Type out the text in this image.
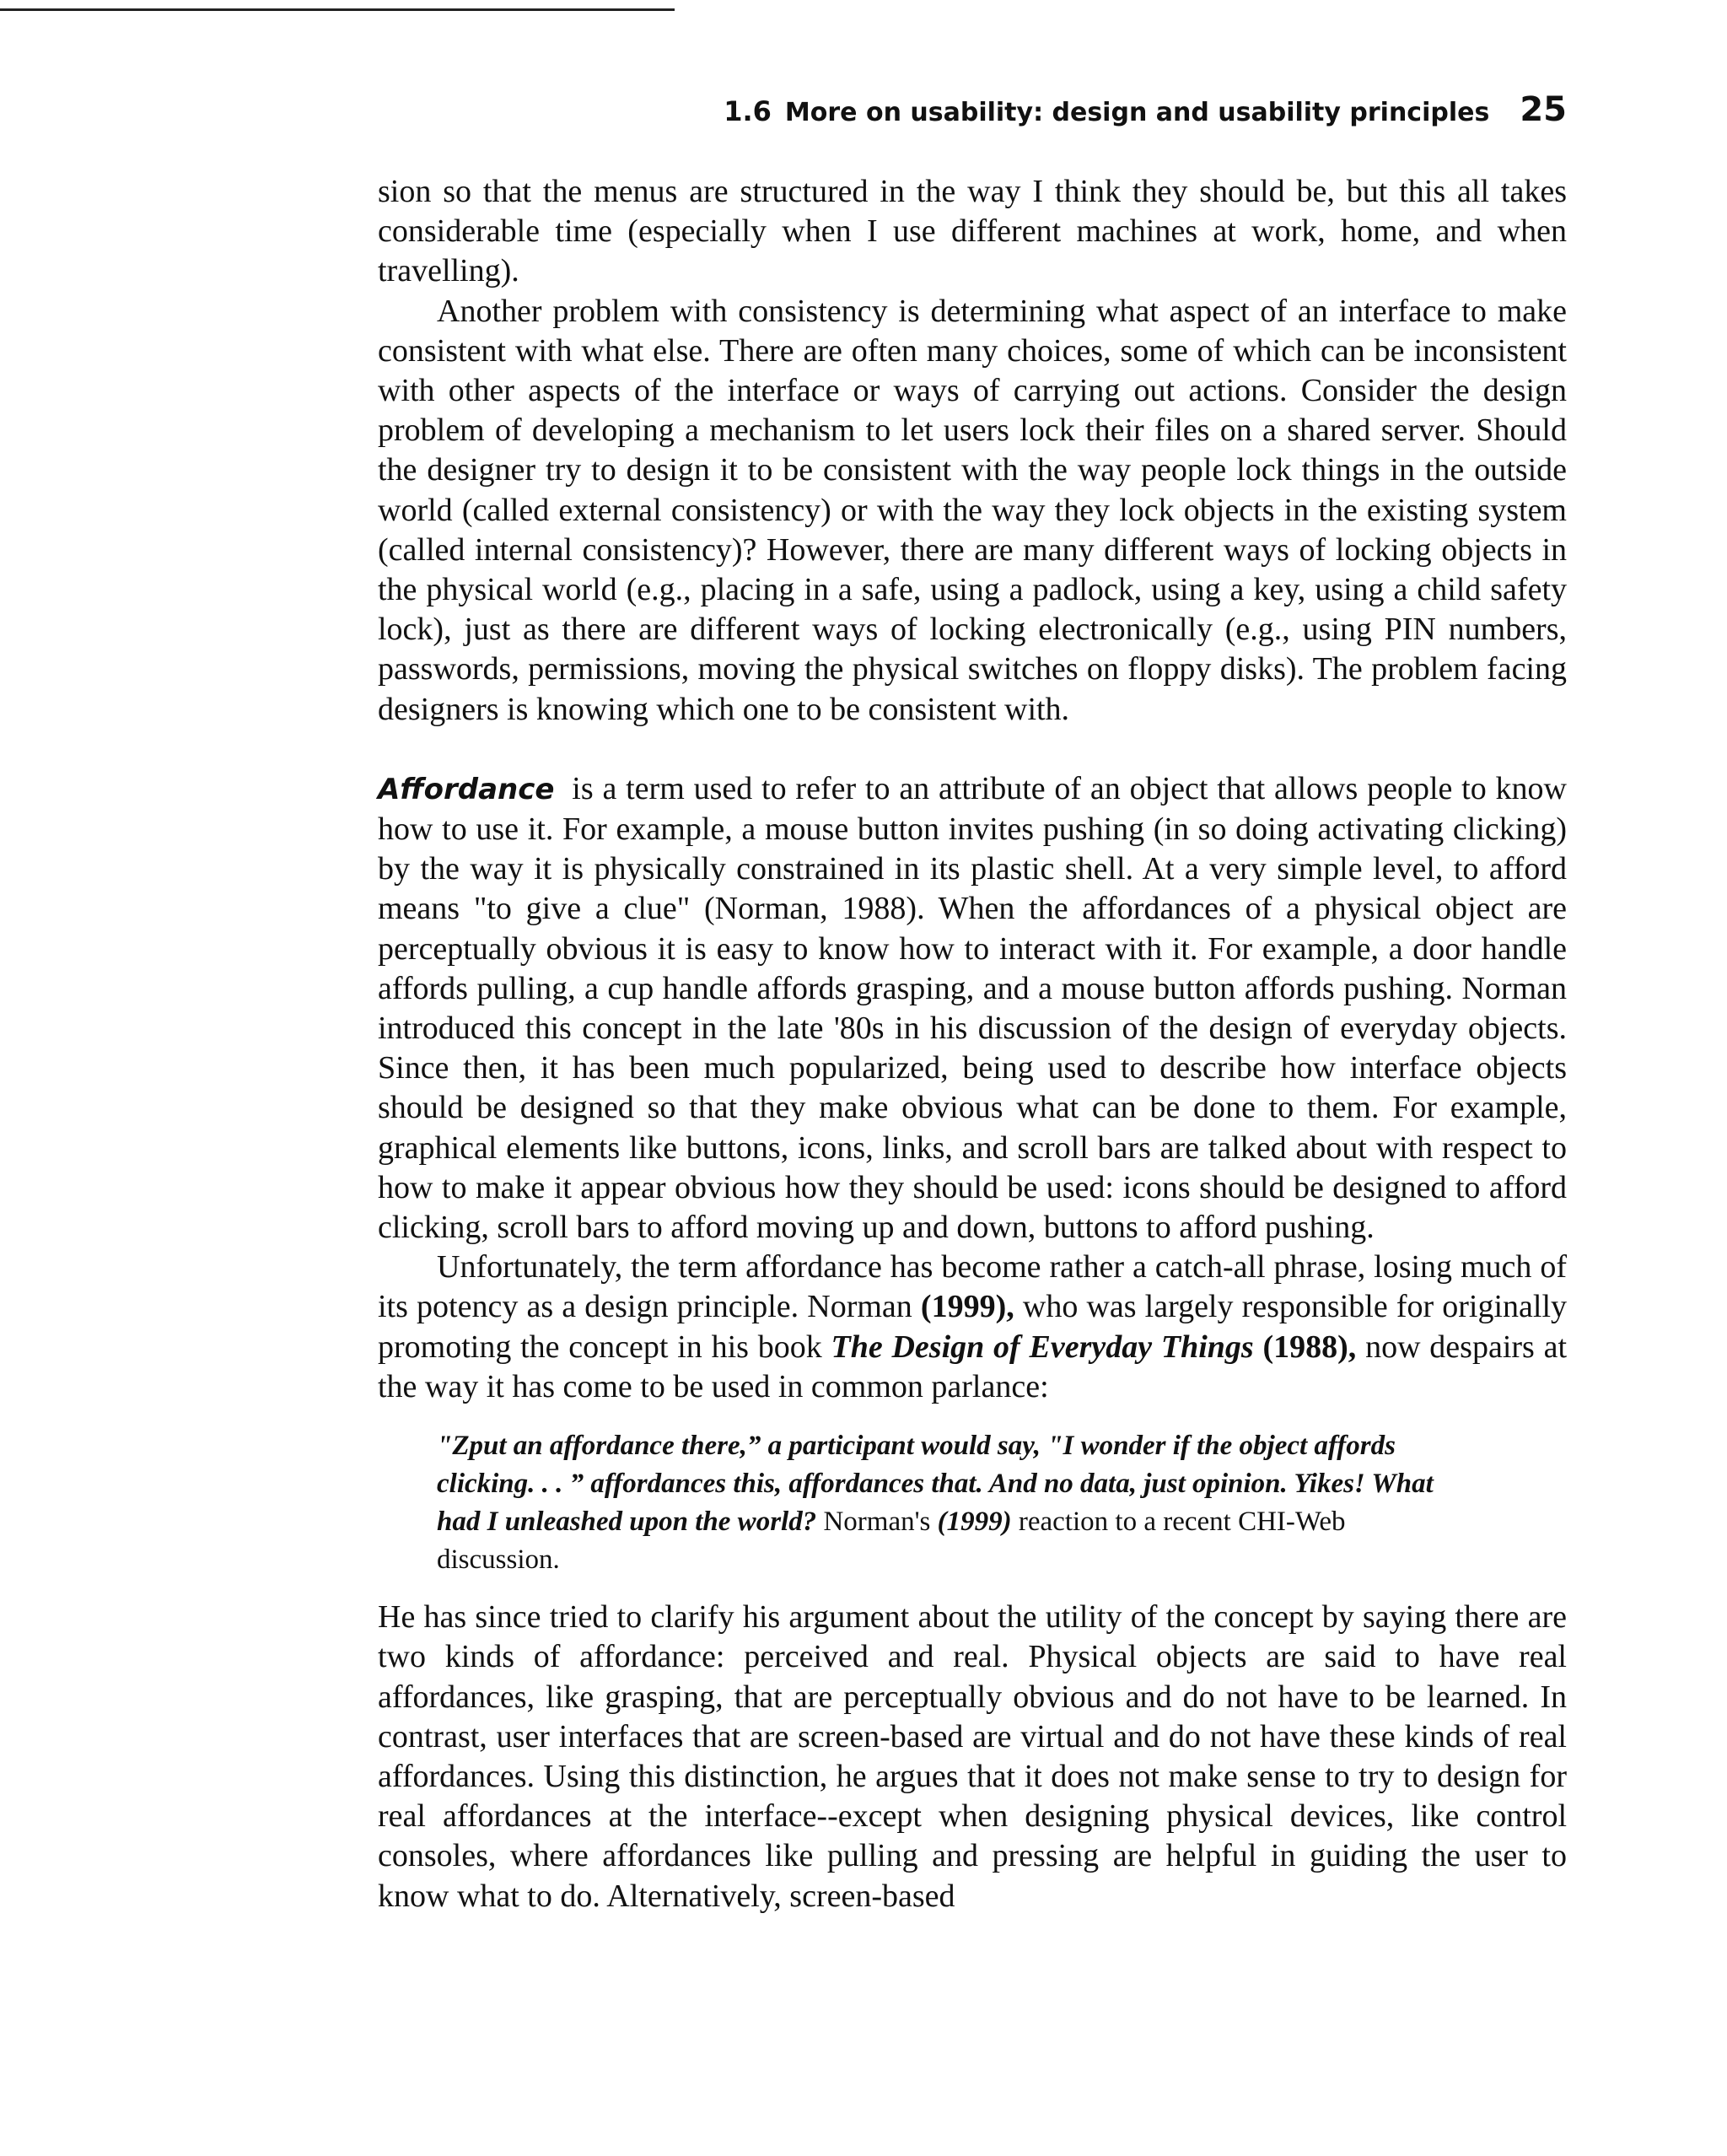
1.6 More on usability: design and usability principles 25

sion so that the menus are structured in the way I think they should be, but this all takes considerable time (especially when I use different machines at work, home, and when travelling).

Another problem with consistency is determining what aspect of an interface to make consistent with what else. There are often many choices, some of which can be inconsistent with other aspects of the interface or ways of carrying out actions. Consider the design problem of developing a mechanism to let users lock their files on a shared server. Should the designer try to design it to be consistent with the way people lock things in the outside world (called external consistency) or with the way they lock objects in the existing system (called internal consistency)? However, there are many different ways of locking objects in the physical world (e.g., placing in a safe, using a padlock, using a key, using a child safety lock), just as there are different ways of locking electronically (e.g., using PIN numbers, passwords, permissions, moving the physical switches on floppy disks). The problem facing designers is knowing which one to be consistent with.

Affordance is a term used to refer to an attribute of an object that allows people to know how to use it. For example, a mouse button invites pushing (in so doing activating clicking) by the way it is physically constrained in its plastic shell. At a very simple level, to afford means "to give a clue" (Norman, 1988). When the affordances of a physical object are perceptually obvious it is easy to know how to interact with it. For example, a door handle affords pulling, a cup handle affords grasping, and a mouse button affords pushing. Norman introduced this concept in the late '80s in his discussion of the design of everyday objects. Since then, it has been much popularized, being used to describe how interface objects should be designed so that they make obvious what can be done to them. For example, graphical elements like buttons, icons, links, and scroll bars are talked about with respect to how to make it appear obvious how they should be used: icons should be designed to afford clicking, scroll bars to afford moving up and down, buttons to afford pushing.

Unfortunately, the term affordance has become rather a catch-all phrase, losing much of its potency as a design principle. Norman (1999), who was largely responsible for originally promoting the concept in his book The Design of Everyday Things (1988), now despairs at the way it has come to be used in common parlance:

"Zput an affordance there,” a participant would say, "I wonder if the object affords clicking. . . ” affordances this, affordances that. And no data, just opinion. Yikes! What had I unleashed upon the world? Norman's (1999) reaction to a recent CHI-Web discussion.

He has since tried to clarify his argument about the utility of the concept by saying there are two kinds of affordance: perceived and real. Physical objects are said to have real affordances, like grasping, that are perceptually obvious and do not have to be learned. In contrast, user interfaces that are screen-based are virtual and do not have these kinds of real affordances. Using this distinction, he argues that it does not make sense to try to design for real affordances at the interface--except when designing physical devices, like control consoles, where affordances like pulling and pressing are helpful in guiding the user to know what to do. Alternatively, screen-based
